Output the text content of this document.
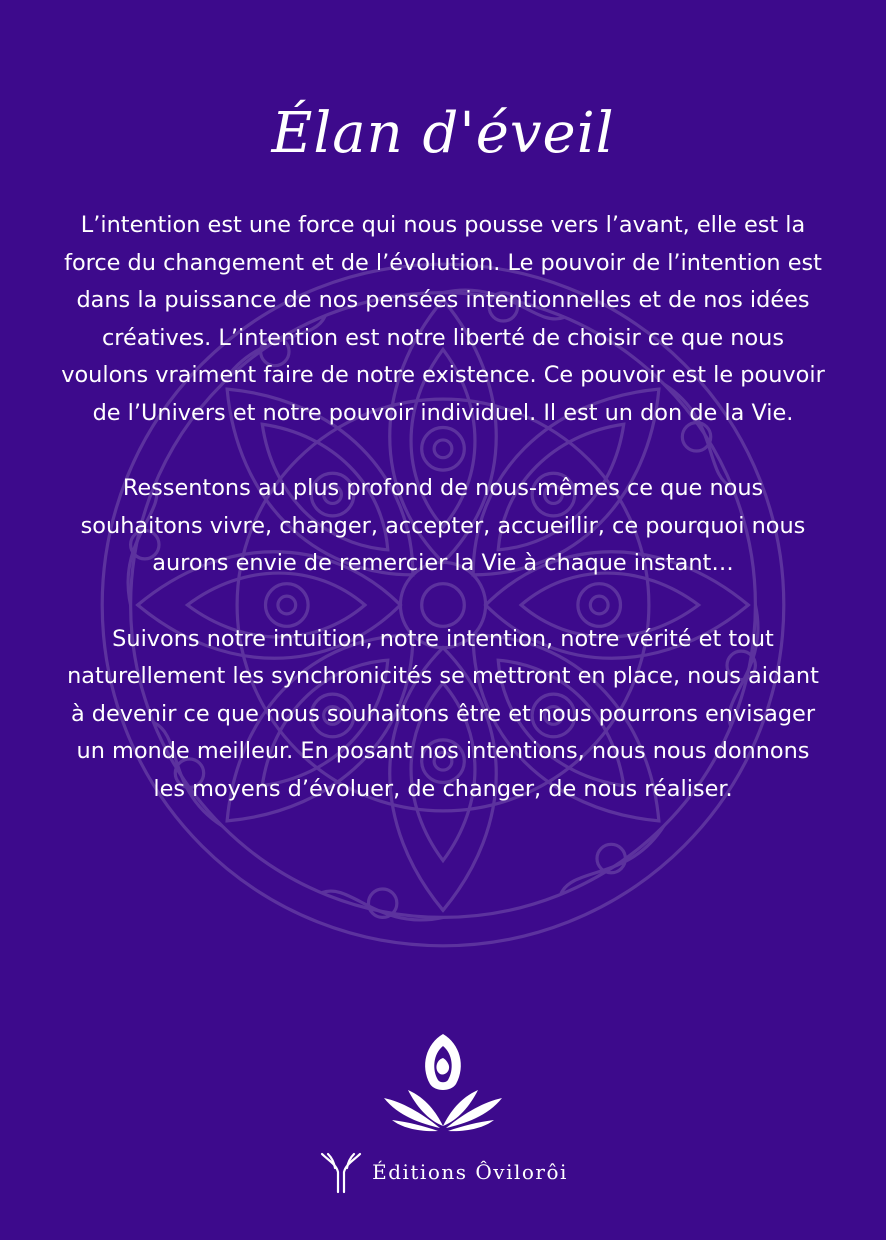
Élan d'éveil

L’intention est une force qui nous pousse vers l’avant, elle est la force du changement et de l’évolution. Le pouvoir de l’intention est dans la puissance de nos pensées intentionnelles et de nos idées créatives. L’intention est notre liberté de choisir ce que nous voulons vraiment faire de notre existence. Ce pouvoir est le pouvoir de l’Univers et notre pouvoir individuel. Il est un don de la Vie.

Ressentons au plus profond de nous-mêmes ce que nous souhaitons vivre, changer, accepter, accueillir, ce pourquoi nous aurons envie de remercier la Vie à chaque instant…

Suivons notre intuition, notre intention, notre vérité et tout naturellement les synchronicités se mettront en place, nous aidant à devenir ce que nous souhaitons être et nous pourrons envisager un monde meilleur. En posant nos intentions, nous nous donnons les moyens d’évoluer, de changer, de nous réaliser.

Éditions Ôvilorôi
